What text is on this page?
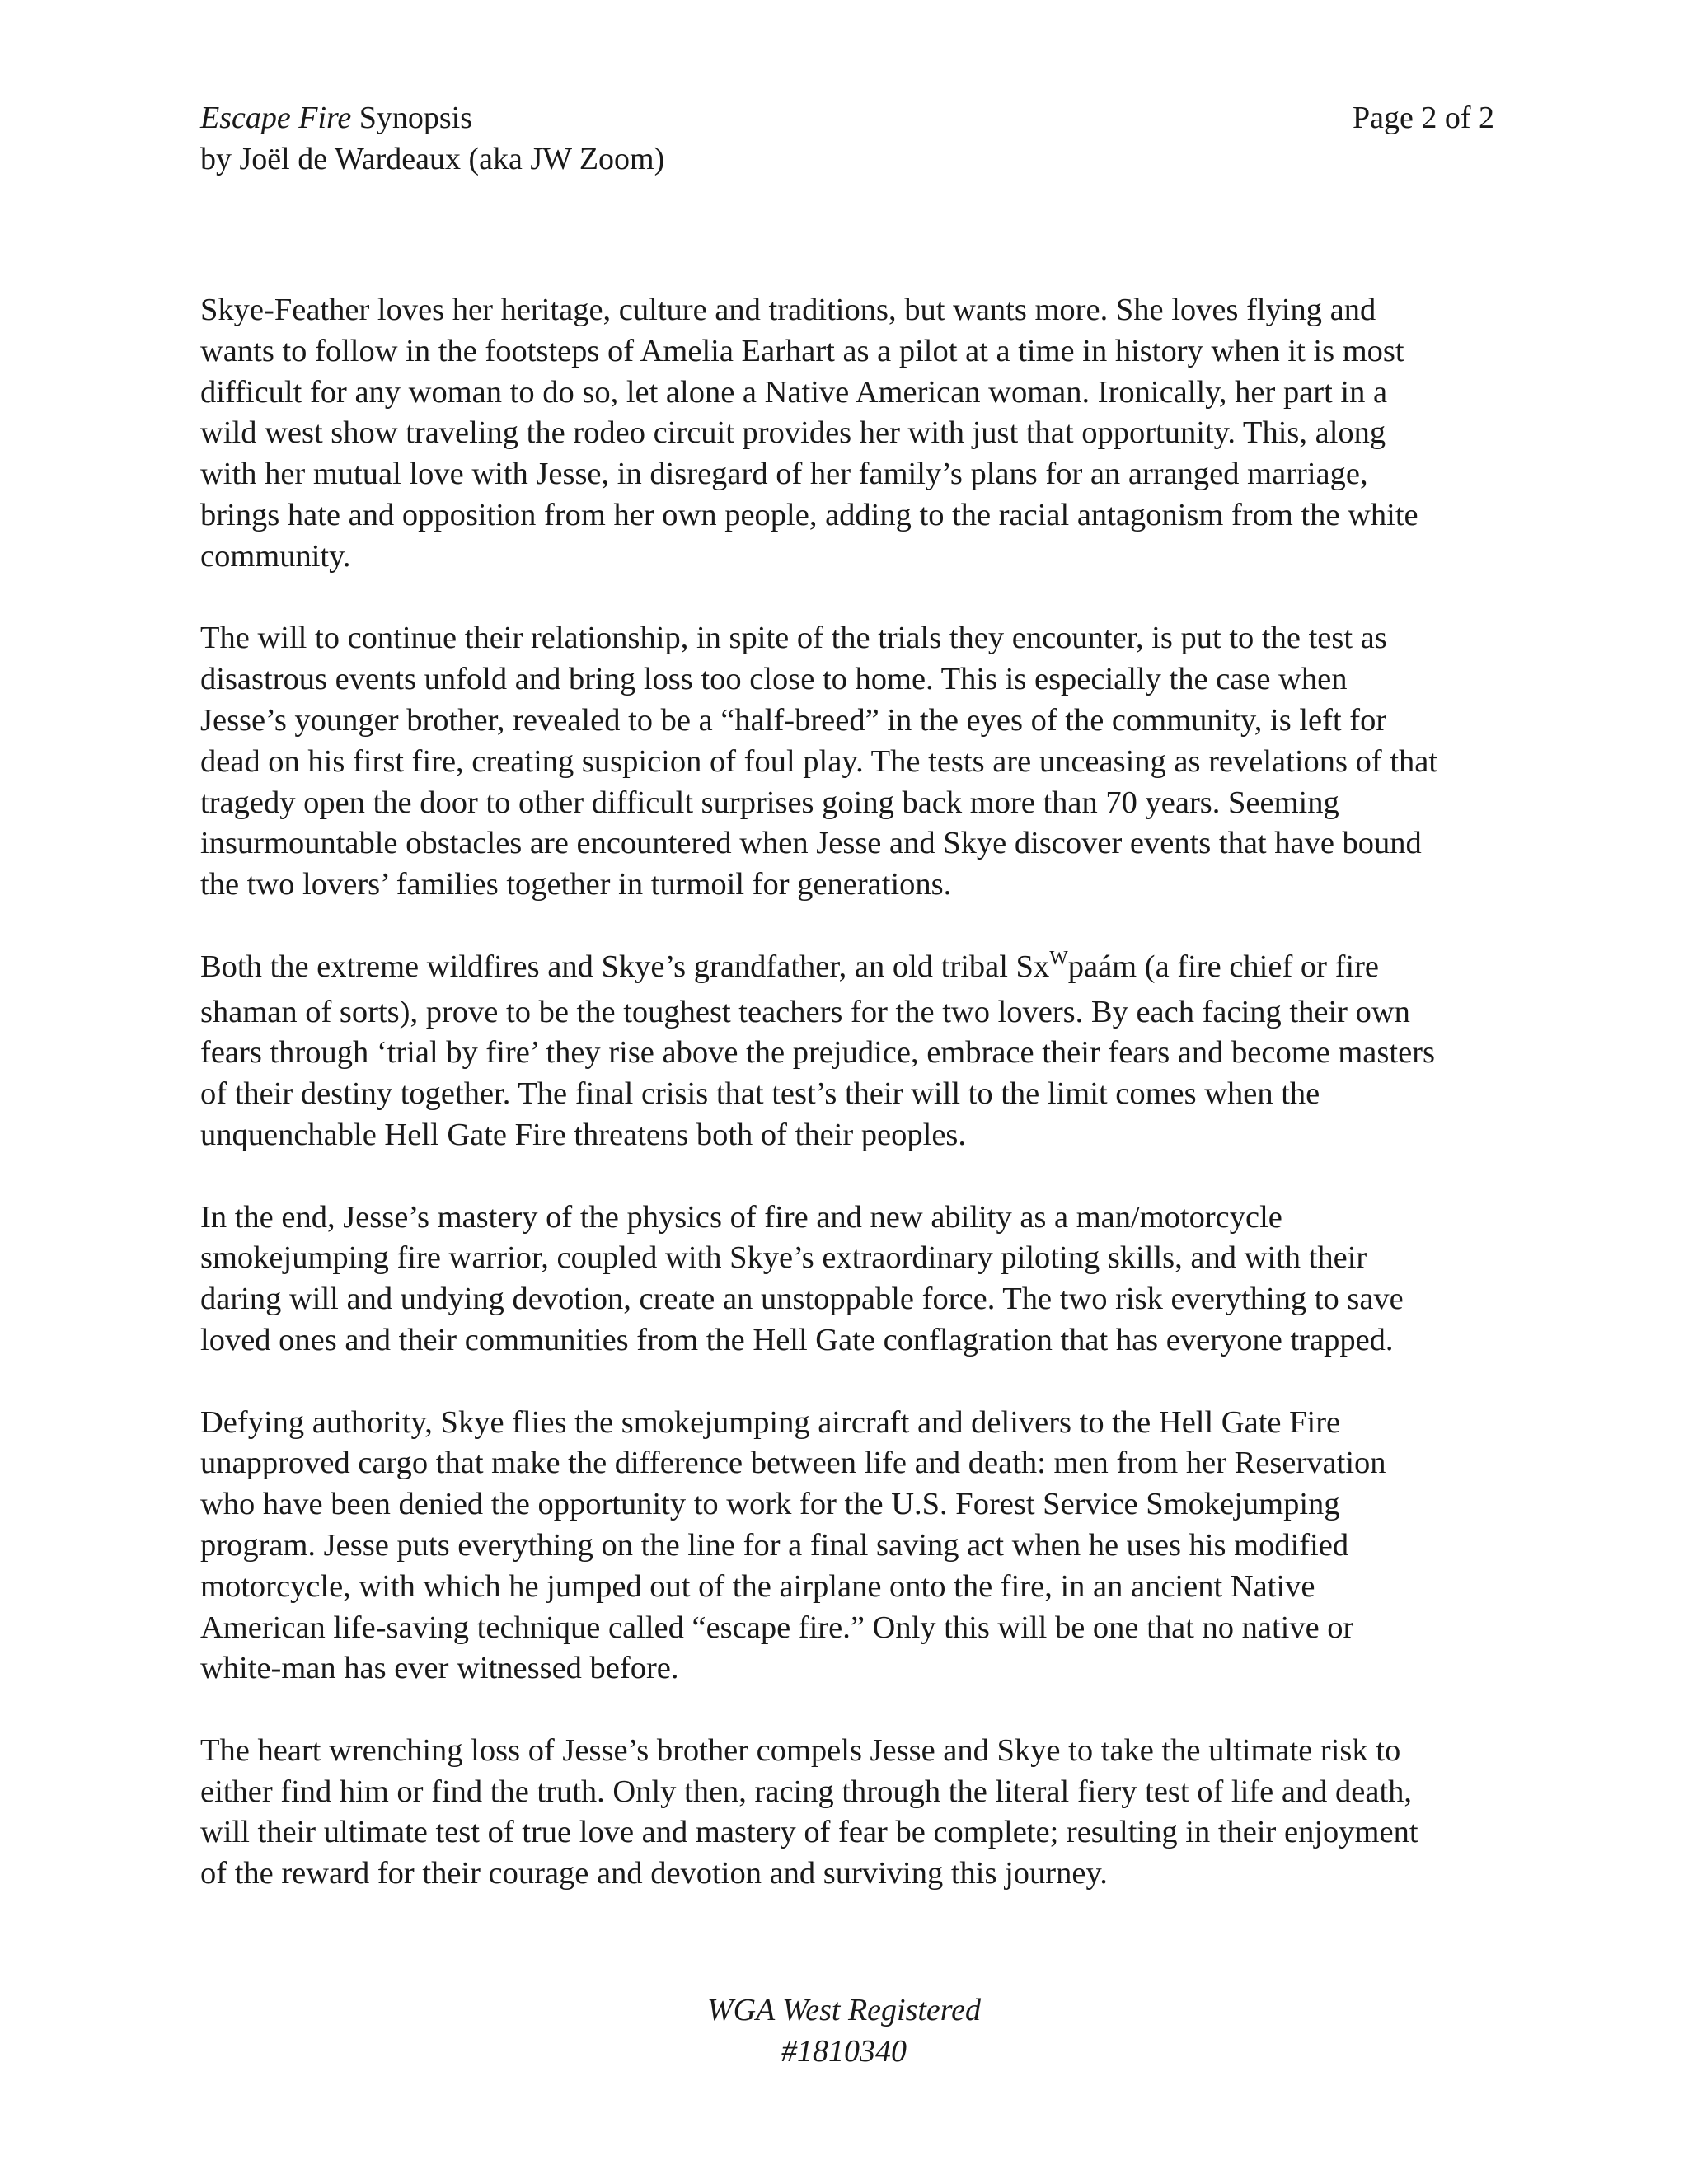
Escape Fire Synopsis
by Joël de Wardeaux (aka JW Zoom)
Page 2 of 2

Skye-Feather loves her heritage, culture and traditions, but wants more. She loves flying and
wants to follow in the footsteps of Amelia Earhart as a pilot at a time in history when it is most
difficult for any woman to do so, let alone a Native American woman. Ironically, her part in a
wild west show traveling the rodeo circuit provides her with just that opportunity. This, along
with her mutual love with Jesse, in disregard of her family’s plans for an arranged marriage,
brings hate and opposition from her own people, adding to the racial antagonism from the white
community.

The will to continue their relationship, in spite of the trials they encounter, is put to the test as
disastrous events unfold and bring loss too close to home. This is especially the case when
Jesse’s younger brother, revealed to be a “half-breed” in the eyes of the community, is left for
dead on his first fire, creating suspicion of foul play. The tests are unceasing as revelations of that
tragedy open the door to other difficult surprises going back more than 70 years. Seeming
insurmountable obstacles are encountered when Jesse and Skye discover events that have bound
the two lovers’ families together in turmoil for generations.

Both the extreme wildfires and Skye’s grandfather, an old tribal $Sx^Wpaám$ (a fire chief or fire
shaman of sorts), prove to be the toughest teachers for the two lovers. By each facing their own
fears through ‘trial by fire’ they rise above the prejudice, embrace their fears and become masters
of their destiny together. The final crisis that test’s their will to the limit comes when the
unquenchable Hell Gate Fire threatens both of their peoples.

In the end, Jesse’s mastery of the physics of fire and new ability as a man/motorcycle
smokejumping fire warrior, coupled with Skye’s extraordinary piloting skills, and with their
daring will and undying devotion, create an unstoppable force. The two risk everything to save
loved ones and their communities from the Hell Gate conflagration that has everyone trapped.

Defying authority, Skye flies the smokejumping aircraft and delivers to the Hell Gate Fire
unapproved cargo that make the difference between life and death: men from her Reservation
who have been denied the opportunity to work for the U.S. Forest Service Smokejumping
program. Jesse puts everything on the line for a final saving act when he uses his modified
motorcycle, with which he jumped out of the airplane onto the fire, in an ancient Native
American life-saving technique called “escape fire.” Only this will be one that no native or
white-man has ever witnessed before.

The heart wrenching loss of Jesse’s brother compels Jesse and Skye to take the ultimate risk to
either find him or find the truth. Only then, racing through the literal fiery test of life and death,
will their ultimate test of true love and mastery of fear be complete; resulting in their enjoyment
of the reward for their courage and devotion and surviving this journey.

WGA West Registered
#1810340
